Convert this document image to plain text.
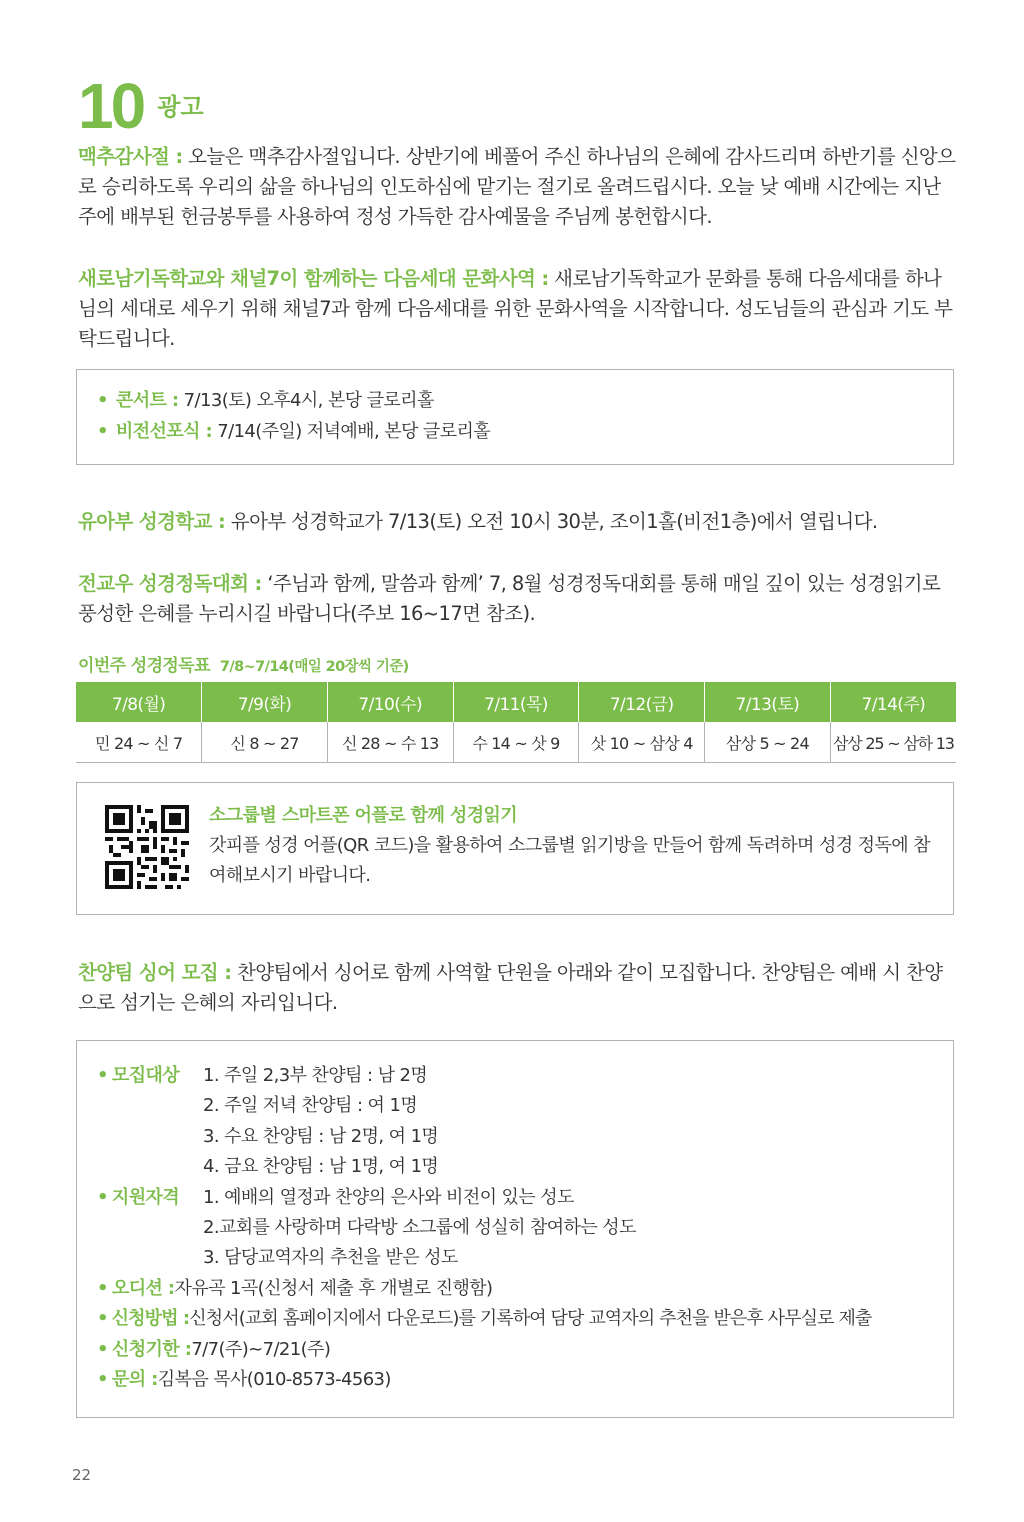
10 광고

맥추감사절 : 오늘은 맥추감사절입니다. 상반기에 베풀어 주신 하나님의 은혜에 감사드리며 하반기를 신앙으로 승리하도록 우리의 삶을 하나님의 인도하심에 맡기는 절기로 올려드립시다. 오늘 낮 예배 시간에는 지난주에 배부된 헌금봉투를 사용하여 정성 가득한 감사예물을 주님께 봉헌합시다.

새로남기독학교와 채널7이 함께하는 다음세대 문화사역 : 새로남기독학교가 문화를 통해 다음세대를 하나님의 세대로 세우기 위해 채널7과 함께 다음세대를 위한 문화사역을 시작합니다. 성도님들의 관심과 기도 부탁드립니다.

• 콘서트 : 7/13(토) 오후4시, 본당 글로리홀
• 비전선포식 : 7/14(주일) 저녁예배, 본당 글로리홀

유아부 성경학교 : 유아부 성경학교가 7/13(토) 오전 10시 30분, 조이1홀(비전1층)에서 열립니다.

전교우 성경정독대회 : ‘주님과 함께, 말씀과 함께’ 7, 8월 성경정독대회를 통해 매일 깊이 있는 성경읽기로 풍성한 은혜를 누리시길 바랍니다(주보 16~17면 참조).

이번주 성경정독표 7/8~7/14(매일 20장씩 기준)
7/8(월)	7/9(화)	7/10(수)	7/11(목)	7/12(금)	7/13(토)	7/14(주)
민 24 ~ 신 7	신 8 ~ 27	신 28 ~ 수 13	수 14 ~ 삿 9	삿 10 ~ 삼상 4	삼상 5 ~ 24	삼상 25 ~ 삼하 13
소그룹별 스마트폰 어플로 함께 성경읽기
갓피플 성경 어플(QR 코드)을 활용하여 소그룹별 읽기방을 만들어 함께 독려하며 성경 정독에 참여해보시기 바랍니다.

찬양팀 싱어 모집 : 찬양팀에서 싱어로 함께 사역할 단원을 아래와 같이 모집합니다. 찬양팀은 예배 시 찬양으로 섬기는 은혜의 자리입니다.

• 모집대상	1. 주일 2,3부 찬양팀 : 남 2명
2. 주일 저녁 찬양팀 : 여 1명
3. 수요 찬양팀 : 남 2명, 여 1명
4. 금요 찬양팀 : 남 1명, 여 1명
• 지원자격	1. 예배의 열정과 찬양의 은사와 비전이 있는 성도
2.교회를 사랑하며 다락방 소그룹에 성실히 참여하는 성도
3. 담당교역자의 추천을 받은 성도
• 오디션 : 자유곡 1곡(신청서 제출 후 개별로 진행함)
• 신청방법 : 신청서(교회 홈페이지에서 다운로드)를 기록하여 담당 교역자의 추천을 받은후 사무실로 제출
• 신청기한 : 7/7(주)~7/21(주)
• 문의 : 김복음 목사(010-8573-4563)
22
